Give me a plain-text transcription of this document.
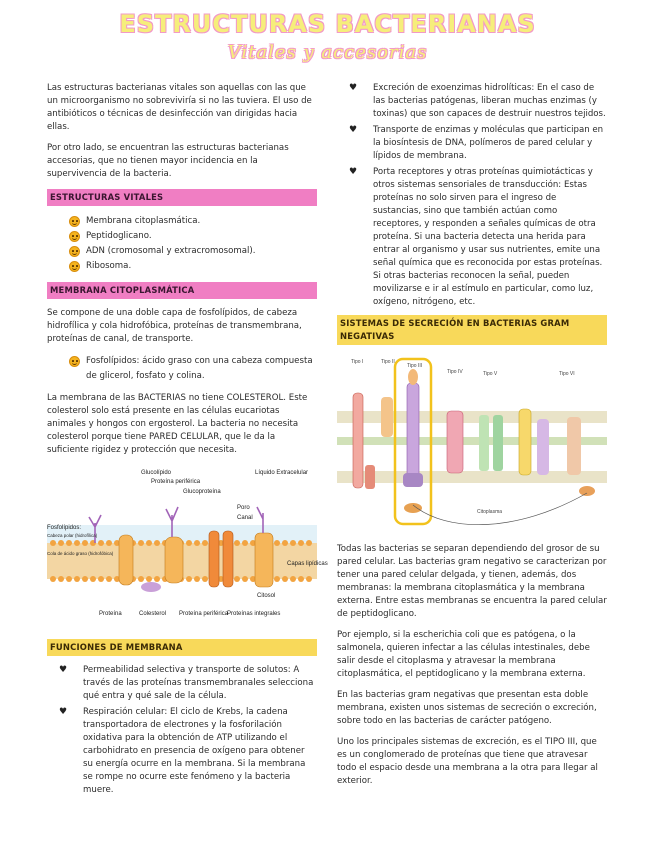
ESTRUCTURAS BACTERIANAS
Vitales y accesorias

Las estructuras bacterianas vitales son aquellas con las que un microorganismo no sobreviviría si no las tuviera. El uso de antibióticos o técnicas de desinfección van dirigidas hacia ellas.

Por otro lado, se encuentran las estructuras bacterianas accesorias, que no tienen mayor incidencia en la supervivencia de la bacteria.

ESTRUCTURAS VITALES
Membrana citoplasmática.
Peptidoglicano.
ADN (cromosomal y extracromosomal).
Ribosoma.
MEMBRANA CITOPLASMÁTICA

Se compone de una doble capa de fosfolípidos, de cabeza hidrofílica y cola hidrofóbica, proteínas de transmembrana, proteínas de canal, de transporte.

Fosfolípidos: ácido graso con una cabeza compuesta de glicerol, fosfato y colina.

La membrana de las BACTERIAS no tiene COLESTEROL. Este colesterol solo está presente en las células eucariotas animales y hongos con ergosterol. La bacteria no necesita colesterol porque tiene PARED CELULAR, que le da la suficiente rigidez y protección que necesita.

Glucolípido
Proteína periférica
Glucoproteína
Líquido Extracelular
Poro
Canal
Fosfolípidos:
Cabeza polar (hidrofílica)
Cola de ácido graso (hidrofóbica)
Capas lipídicas
Citosol
Proteína	Colesterol Proteína periférica
Proteínas integrales
FUNCIONES DE MEMBRANA
♥ Permeabilidad selectiva y transporte de solutos: A través de las proteínas transmembranales selecciona qué entra y qué sale de la célula.
♥ Respiración celular: El ciclo de Krebs, la cadena transportadora de electrones y la fosforilación oxidativa para la obtención de ATP utilizando el carbohidrato en presencia de oxígeno para obtener su energía ocurre en la membrana. Si la membrana se rompe no ocurre este fenómeno y la bacteria muere.
♥ Excreción de exoenzimas hidrolíticas: En el caso de las bacterias patógenas, liberan muchas enzimas (y toxinas) que son capaces de destruir nuestros tejidos.
♥ Transporte de enzimas y moléculas que participan en la biosíntesis de DNA, polímeros de pared celular y lípidos de membrana.
♥ Porta receptores y otras proteínas quimiotácticas y otros sistemas sensoriales de transducción: Estas proteínas no solo sirven para el ingreso de sustancias, sino que también actúan como receptores, y responden a señales químicas de otra proteína. Si una bacteria detecta una herida para entrar al organismo y usar sus nutrientes, emite una señal química que es reconocida por estas proteínas. Si otras bacterias reconocen la señal, pueden movilizarse e ir al estímulo en particular, como luz, oxígeno, nitrógeno, etc.
SISTEMAS DE SECRECIÓN EN BACTERIAS GRAM NEGATIVAS
Tipo I	Tipo II
Tipo III
Tipo IV	Tipo V	Tipo VI
Citoplasma

Todas las bacterias se separan dependiendo del grosor de su pared celular. Las bacterias gram negativo se caracterizan por tener una pared celular delgada, y tienen, además, dos membranas: la membrana citoplasmática y la membrana externa. Entre estas membranas se encuentra la pared celular de peptidoglicano.

Por ejemplo, si la escherichia coli que es patógena, o la salmonela, quieren infectar a las células intestinales, debe salir desde el citoplasma y atravesar la membrana citoplasmática, el peptidoglicano y la membrana externa.

En las bacterias gram negativas que presentan esta doble membrana, existen unos sistemas de secreción o excreción, sobre todo en las bacterias de carácter patógeno.

Uno los principales sistemas de excreción, es el TIPO III, que es un conglomerado de proteínas que tiene que atravesar todo el espacio desde una membrana a la otra para llegar al exterior.
